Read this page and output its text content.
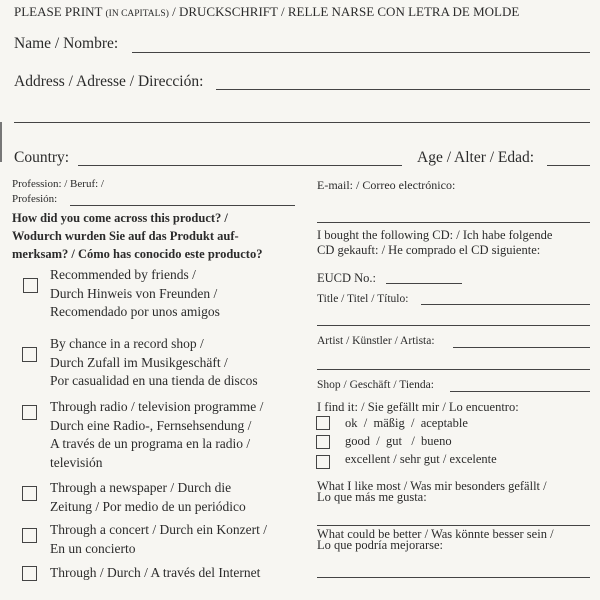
PLEASE PRINT (IN CAPITALS) / DRUCKSCHRIFT / RELLE NARSE CON LETRA DE MOLDE
Name / Nombre:
Address / Adresse / Dirección:
Country:	Age / Alter / Edad:
Profession: / Beruf: /
Profesión:
How did you come across this product? /
Wodurch wurden Sie auf das Produkt auf-
merksam? / Cómo has conocido este producto?
Recommended by friends /
Durch Hinweis von Freunden /
Recomendado por unos amigos
By chance in a record shop /
Durch Zufall im Musikgeschäft /
Por casualidad en una tienda de discos
Through radio / television programme /
Durch eine Radio-, Fernsehsendung /
A través de un programa en la radio /
televisión
Through a newspaper / Durch die
Zeitung / Por medio de un periódico
Through a concert / Durch ein Konzert /
En un concierto
Through / Durch / A través del Internet
E-mail: / Correo electrónico:
I bought the following CD: / Ich habe folgende
CD gekauft: / He comprado el CD siguiente:
EUCD No.:
Title / Titel / Título:
Artist / Künstler / Artista:
Shop / Geschäft / Tienda:
I find it: / Sie gefällt mir / Lo encuentro:
ok  /  mäßig  /  aceptable
good  /  gut   /  bueno
excellent / sehr gut / excelente
What I like most / Was mir besonders gefällt /
Lo que más me gusta:
What could be better / Was könnte besser sein /
Lo que podría mejorarse:
